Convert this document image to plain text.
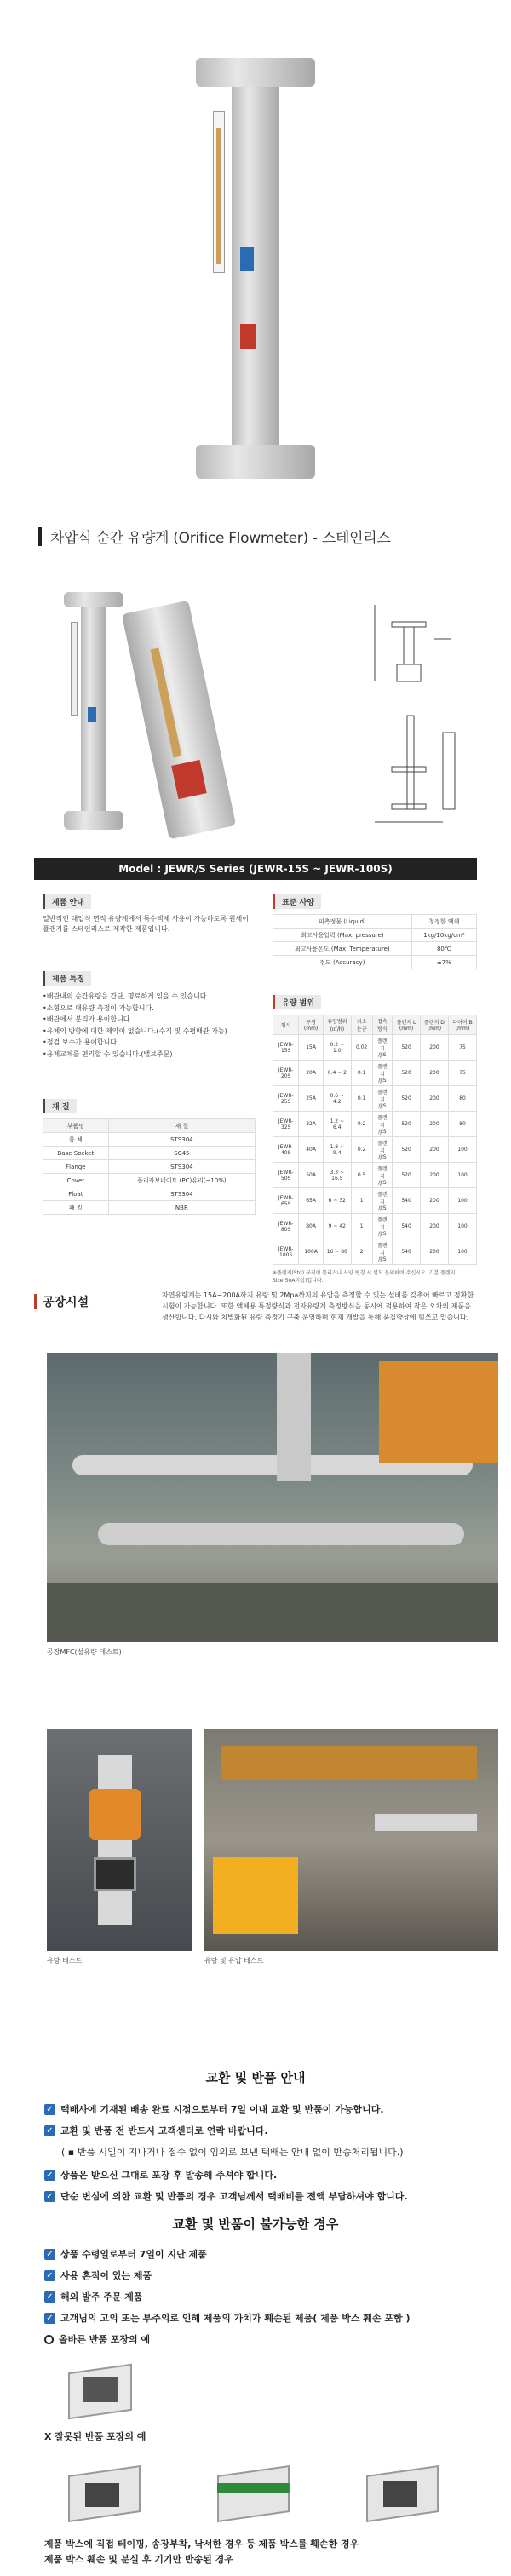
차압식 순간 유량계 (Orifice Flowmeter) - 스테인리스
Model : JEWR/S Series (JEWR-15S ~ JEWR-100S)
제품 안내

일반적인 대입식 면적 유량계에서 특수액체 사용이 가능하도록 원세이 플랜지를 스테인리스로 제작한 제품입니다.

제품 특징
•배관내의 순간유량을 간단, 명료하게 읽을 수 있습니다.
•소형으로 대유량 측정이 가능합니다.
•배관에서 분리가 용이합니다.
•유체의 방향에 대한 제약이 없습니다.(수직 및 수평배관 가능)
•점검 보수가 용이합니다.
•용제교체를 편리할 수 있습니다.(밸브주문)
재 질
부품명	재 질
몸 체	STS304
Base Socket	SC45
Flange	STS304
Cover	폴리카보네이트 (PC)유리(~10%)
Float	STS304
패 킹	NBR
표준 사양
피측정물 (Liquid)	청정한 액체
최고사용압력 (Max. pressure)	1kg/10kg/cm²
최고사용온도 (Max. Temperature)	80℃
정도 (Accuracy)	±7%
유량 범위
형식	구경 (mm)	유량범위 (㎥/h)	최소 눈금	접속방식	플랜지 L (mm)	플랜지 D (mm)	다이어 B (mm)
JEWR-15S	15A	0.2 ~ 1.0	0.02	플랜지 /JIS	520	200	75
JEWR-20S	20A	0.4 ~ 2	0.1	플랜지 /JIS	520	200	75
JEWR-25S	25A	0.6 ~ 4.2	0.1	플랜지 /JIS	520	200	80
JEWR-32S	32A	1.2 ~ 6.4	0.2	플랜지 /JIS	520	200	80
JEWR-40S	40A	1.8 ~ 9.4	0.2	플랜지 /JIS	520	200	100
JEWR-50S	50A	3.3 ~ 16.5	0.5	플랜지 /JIS	520	200	100
JEWR-65S	65A	6 ~ 32	1	플랜지 /JIS	540	200	100
JEWR-80S	80A	9 ~ 42	1	플랜지 /JIS	540	200	100
JEWR-100S	100A	16 ~ 80	2	플랜지 /JIS	540	200	100

※플랜지(Std) 규격이 틀리거나 사양 변경 시 별도 문의하여 주십시오. 기본 플랜지 Size(50A이상)입니다.

공장시설

자연유량계는 15A~200A까지 유량 및 2Mpa까지의 유압을 측정할 수 있는 설비를 갖추어 빠르고 정확한 시험이 가능합니다. 또한 액체용 특정량식과 전자유량계 측정방식을 동시에 적용하여 작은 오차의 제품을 생산합니다. 다시와 치별화된 유량 측정기 구축 운영하며 현재 개발을 통해 품질향상에 힘쓰고 있습니다.

공장MFC(설유량 테스트)
유량 테스트	유량 및 유압 테스트
교환 및 반품 안내
✓ 택배사에 기재된 배송 완료 시점으로부터 7일 이내 교환 및 반품이 가능합니다.
✓ 교환 및 반품 전 반드시 고객센터로 연락 바랍니다.
( ▪ 반품 시일이 지나거나 접수 없이 임의로 보낸 택배는 안내 없이 반송처리됩니다.)
✓ 상품은 받으신 그대로 포장 후 발송해 주셔야 합니다.
✓ 단순 변심에 의한 교환 및 반품의 경우 고객님께서 택배비를 전액 부담하셔야 합니다.
교환 및 반품이 불가능한 경우
✓ 상품 수령일로부터 7일이 지난 제품
✓ 사용 흔적이 있는 제품
✓ 해외 발주 주문 제품
✓ 고객님의 고의 또는 부주의로 인해 제품의 가치가 훼손된 제품( 제품 박스 훼손 포함 )
올바른 반품 포장의 예
X 잘못된 반품 포장의 예
제품 박스에 직접 테이핑, 송장부착, 낙서한 경우 등 제품 박스를 훼손한 경우
제품 박스 훼손 및 분실 후 기기만 반송된 경우
